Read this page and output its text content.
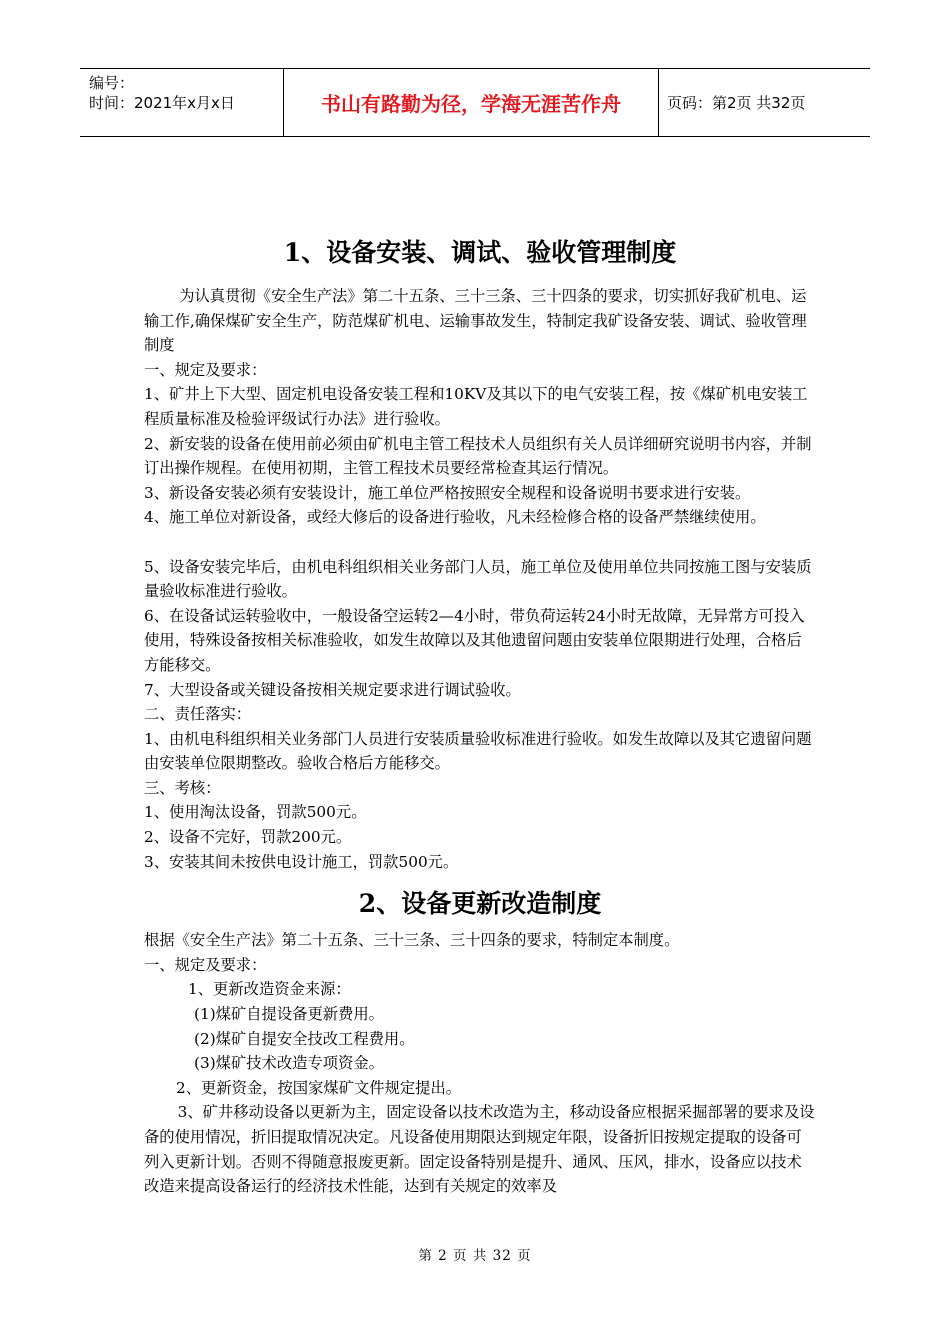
编号：
时间：2021年x月x日	书山有路勤为径，学海无涯苦作舟	页码：第2页 共32页
1、设备安装、调试、验收管理制度

为认真贯彻《安全生产法》第二十五条、三十三条、三十四条的要求，切实抓好我矿机电、运输工作,确保煤矿安全生产，防范煤矿机电、运输事故发生，特制定我矿设备安装、调试、验收管理制度

一、规定及要求：

1、矿井上下大型、固定机电设备安装工程和10KV及其以下的电气安装工程，按《煤矿机电安装工程质量标准及检验评级试行办法》进行验收。

2、新安装的设备在使用前必须由矿机电主管工程技术人员组织有关人员详细研究说明书内容，并制订出操作规程。在使用初期，主管工程技术员要经常检查其运行情况。

3、新设备安装必须有安装设计，施工单位严格按照安全规程和设备说明书要求进行安装。

4、施工单位对新设备，或经大修后的设备进行验收，凡未经检修合格的设备严禁继续使用。

5、设备安装完毕后，由机电科组织相关业务部门人员，施工单位及使用单位共同按施工图与安装质量验收标准进行验收。

6、在设备试运转验收中，一般设备空运转2—4小时，带负荷运转24小时无故障，无异常方可投入使用，特殊设备按相关标准验收，如发生故障以及其他遗留问题由安装单位限期进行处理，合格后方能移交。

7、大型设备或关键设备按相关规定要求进行调试验收。

二、责任落实：

1、由机电科组织相关业务部门人员进行安装质量验收标准进行验收。如发生故障以及其它遗留问题由安装单位限期整改。验收合格后方能移交。

三、考核：

1、使用淘汰设备，罚款500元。

2、设备不完好，罚款200元。

3、安装其间未按供电设计施工，罚款500元。

2、设备更新改造制度

根据《安全生产法》第二十五条、三十三条、三十四条的要求，特制定本制度。

一、规定及要求：

1、更新改造资金来源：

(1)煤矿自提设备更新费用。

(2)煤矿自提安全技改工程费用。

(3)煤矿技术改造专项资金。

2、更新资金，按国家煤矿文件规定提出。

3、矿井移动设备以更新为主，固定设备以技术改造为主，移动设备应根据采掘部署的要求及设备的使用情况，折旧提取情况决定。凡设备使用期限达到规定年限，设备折旧按规定提取的设备可列入更新计划。否则不得随意报废更新。固定设备特别是提升、通风、压风，排水，设备应以技术改造来提高设备运行的经济技术性能，达到有关规定的效率及

第 2 页 共 32 页
